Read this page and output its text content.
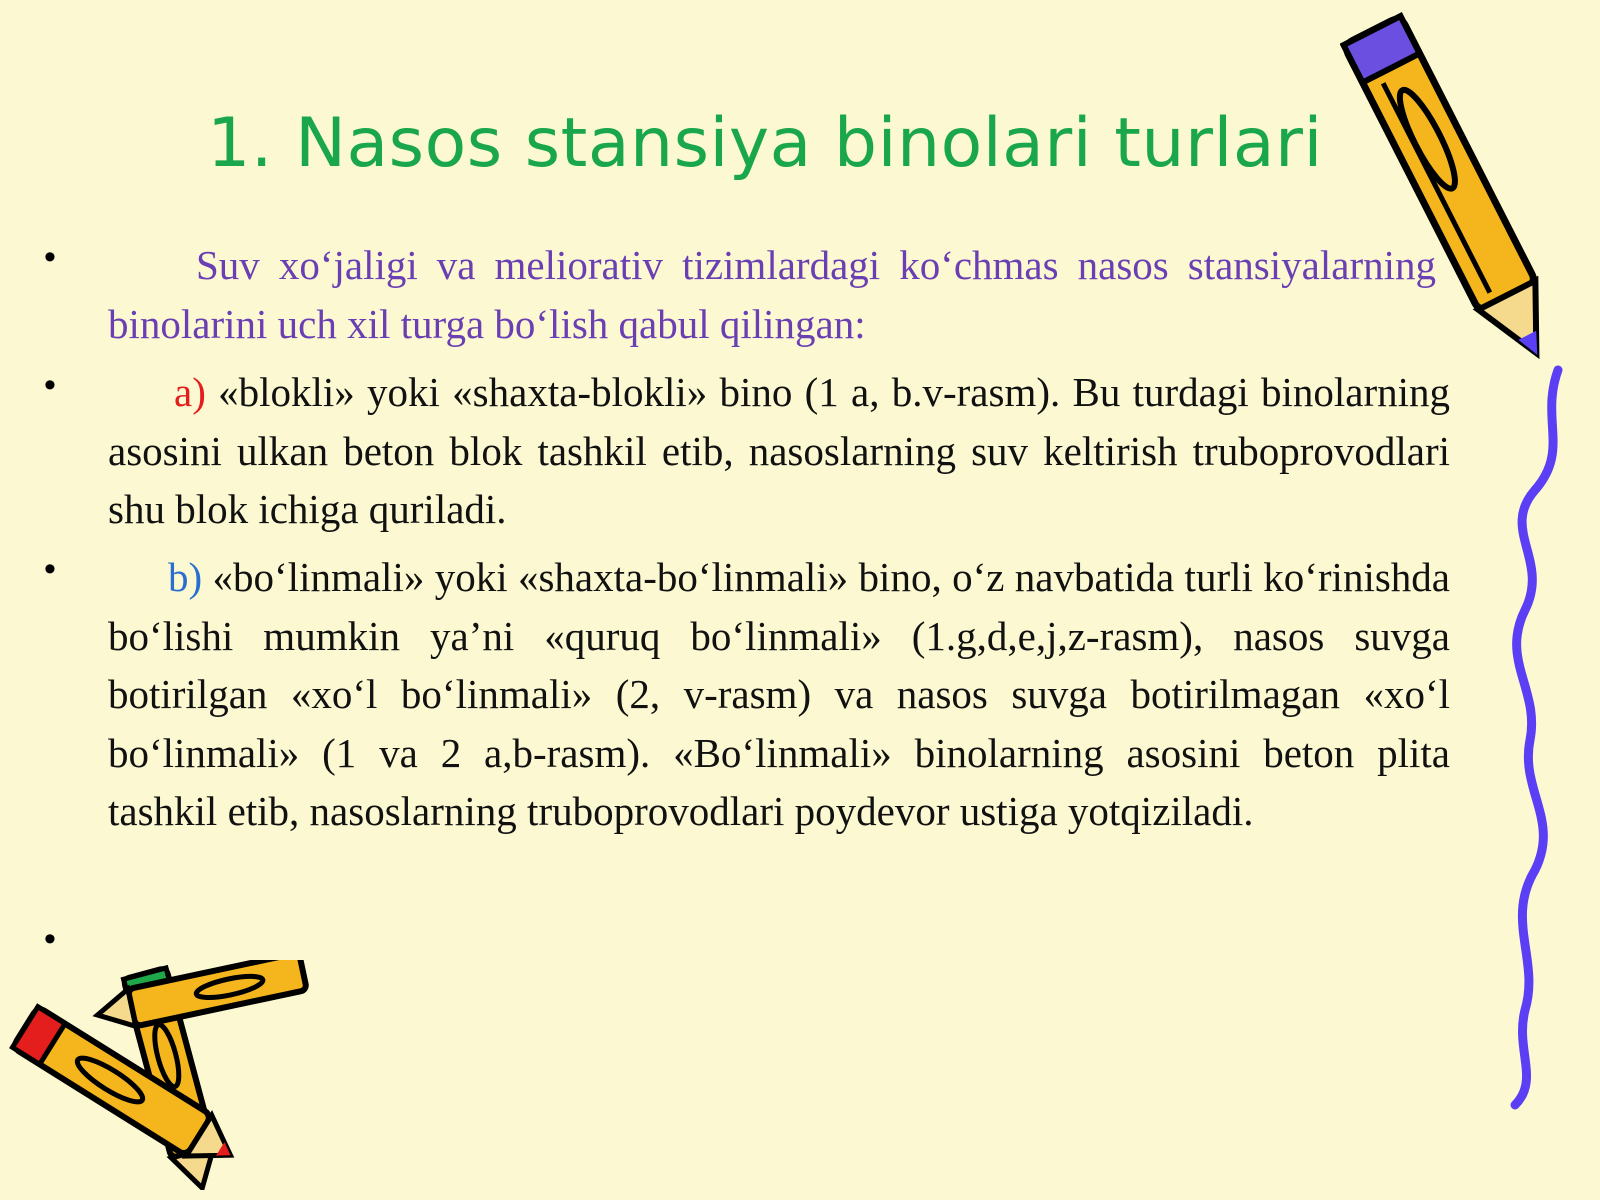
1. Nasos stansiya binolari turlari
•	Suv xo‘jaligi va meliorativ tizimlardagi ko‘chmas nasos stansiyalarning binolarini uch xil turga bo‘lish qabul qilingan:
•	a) «blokli» yoki «shaxta-blokli» bino (1 a, b.v-rasm). Bu turdagi binolarning asosini ulkan beton blok tashkil etib, nasoslarning suv keltirish truboprovodlari shu blok ichiga quriladi.
•	b) «bo‘linmali» yoki «shaxta-bo‘linmali» bino, o‘z navbatida turli ko‘rinishda bo‘lishi mumkin ya’ni «quruq bo‘linmali» (1.g,d,e,j,z-rasm), nasos suvga botirilgan «xo‘l bo‘linmali» (2, v-rasm) va nasos suvga botirilmagan «xo‘l bo‘linmali» (1 va 2 a,b-rasm). «Bo‘linmali» binolarning asosini beton plita tashkil etib, nasoslarning truboprovodlari poydevor ustiga yotqiziladi.
•
